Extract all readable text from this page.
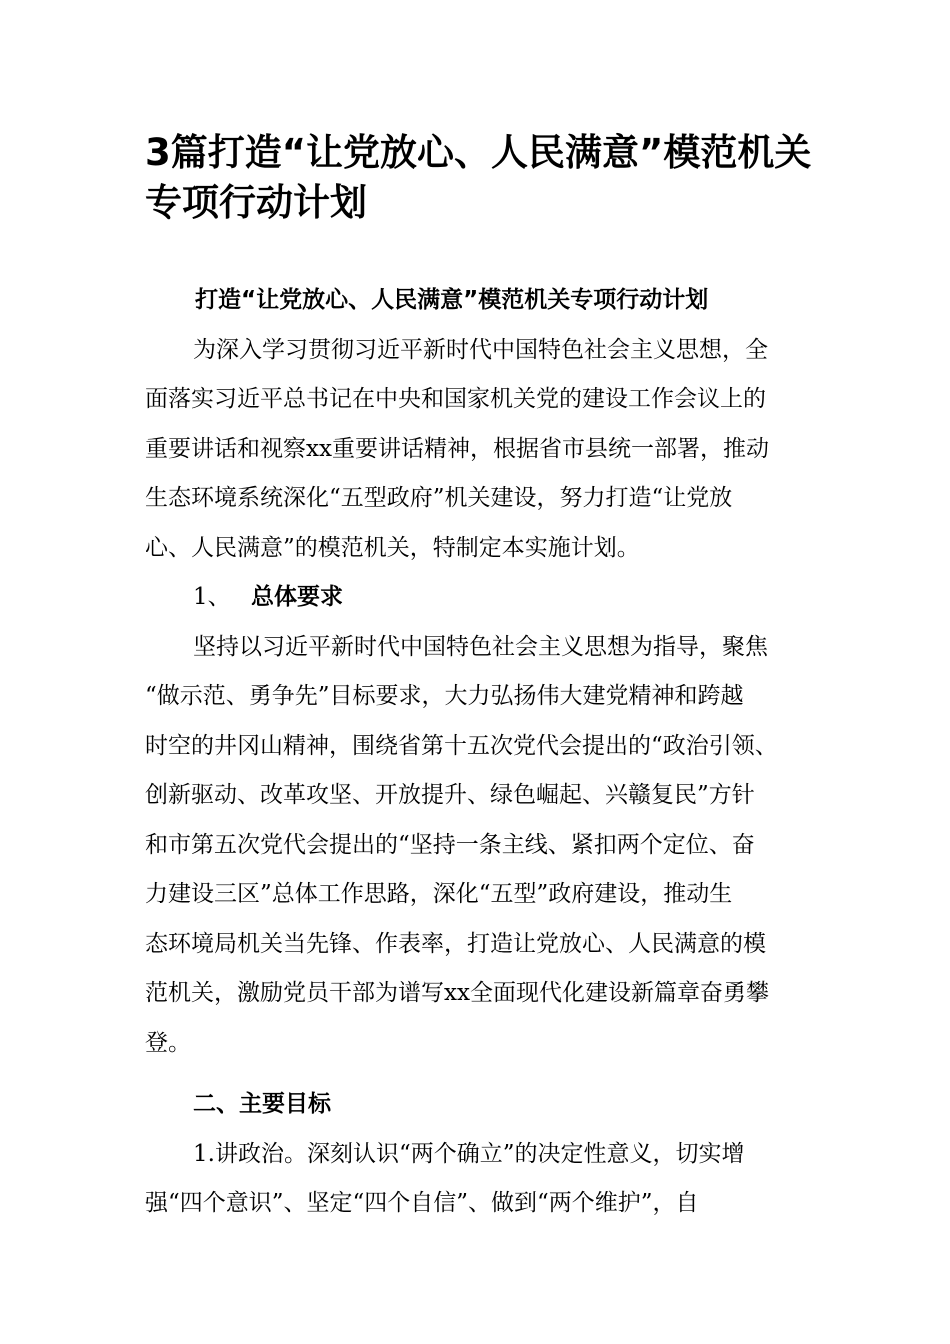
3篇打造“让党放心、人民满意”模范机关
专项行动计划

打造“让党放心、人民满意”模范机关专项行动计划

为深入学习贯彻习近平新时代中国特色社会主义思想，全

面落实习近平总书记在中央和国家机关党的建设工作会议上的

重要讲话和视察xx重要讲话精神，根据省市县统一部署，推动

生态环境系统深化“五型政府”机关建设，努力打造“让党放

心、人民满意”的模范机关，特制定本实施计划。

1、 总体要求

坚持以习近平新时代中国特色社会主义思想为指导，聚焦

“做示范、勇争先”目标要求，大力弘扬伟大建党精神和跨越

时空的井冈山精神，围绕省第十五次党代会提出的“政治引领、

创新驱动、改革攻坚、开放提升、绿色崛起、兴赣复民”方针

和市第五次党代会提出的“坚持一条主线、紧扣两个定位、奋

力建设三区”总体工作思路，深化“五型”政府建设，推动生

态环境局机关当先锋、作表率，打造让党放心、人民满意的模

范机关，激励党员干部为谱写xx全面现代化建设新篇章奋勇攀

登。

二、主要目标

1.讲政治。深刻认识“两个确立”的决定性意义，切实增

强“四个意识”、坚定“四个自信”、做到“两个维护”，自
